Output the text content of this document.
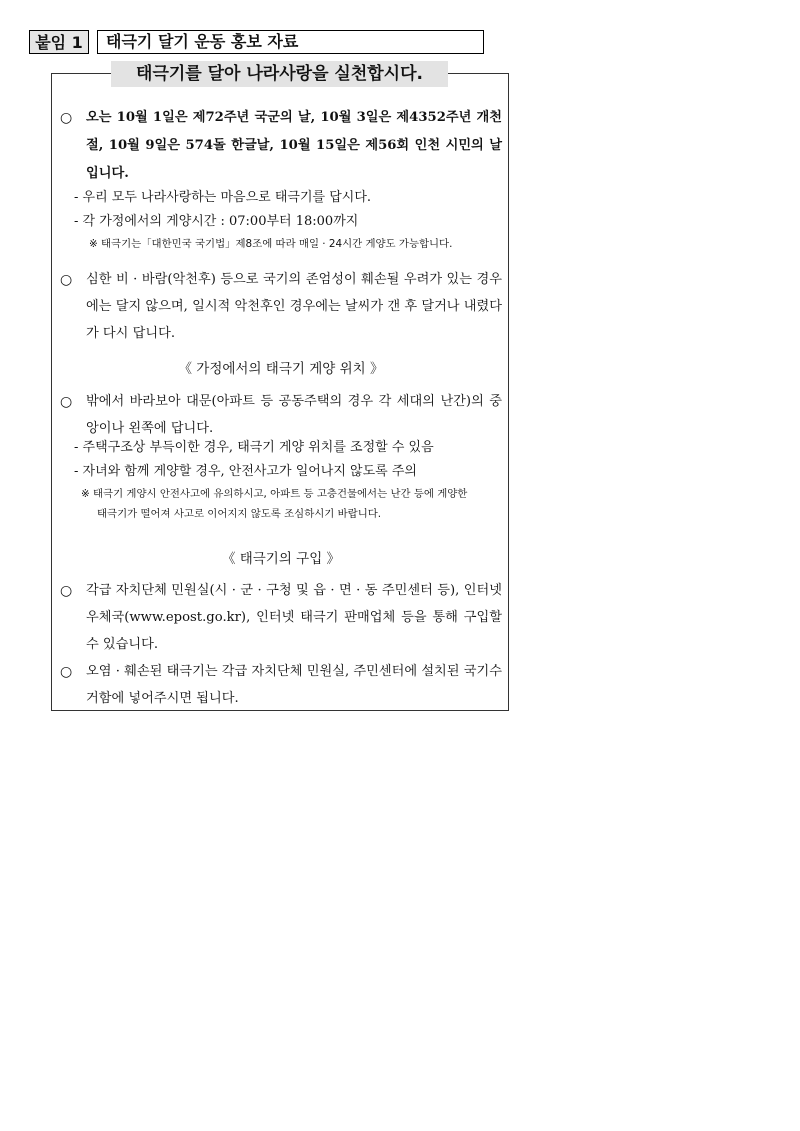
붙임 1	태극기 달기 운동 홍보 자료
태극기를 달아 나라사랑을 실천합시다.
○	오는 10월 1일은 제72주년 국군의 날, 10월 3일은 제4352주년 개천절, 10월 9일은 574돌 한글날, 10월 15일은 제56회 인천 시민의 날입니다.
- 우리 모두 나라사랑하는 마음으로 태극기를 답시다.
- 각 가정에서의 게양시간 : 07:00부터 18:00까지
※ 태극기는「대한민국 국기법」제8조에 따라 매일 · 24시간 게양도 가능합니다.
○	심한 비 · 바람(악천후) 등으로 국기의 존엄성이 훼손될 우려가 있는 경우에는 달지 않으며, 일시적 악천후인 경우에는 날씨가 갠 후 달거나 내렸다가 다시 답니다.
《 가정에서의 태극기 게양 위치 》
○	밖에서 바라보아 대문(아파트 등 공동주택의 경우 각 세대의 난간)의 중앙이나 왼쪽에 답니다.
- 주택구조상 부득이한 경우, 태극기 게양 위치를 조정할 수 있음
- 자녀와 함께 게양할 경우, 안전사고가 일어나지 않도록 주의
※ 태극기 게양시 안전사고에 유의하시고, 아파트 등 고층건물에서는 난간 등에 게양한
태극기가 떨어져 사고로 이어지지 않도록 조심하시기 바랍니다.
《 태극기의 구입 》
○	각급 자치단체 민원실(시 · 군 · 구청 및 읍 · 면 · 동 주민센터 등), 인터넷우체국(www.epost.go.kr), 인터넷 태극기 판매업체 등을 통해 구입할 수 있습니다.
○	오염 · 훼손된 태극기는 각급 자치단체 민원실, 주민센터에 설치된 국기수거함에 넣어주시면 됩니다.
